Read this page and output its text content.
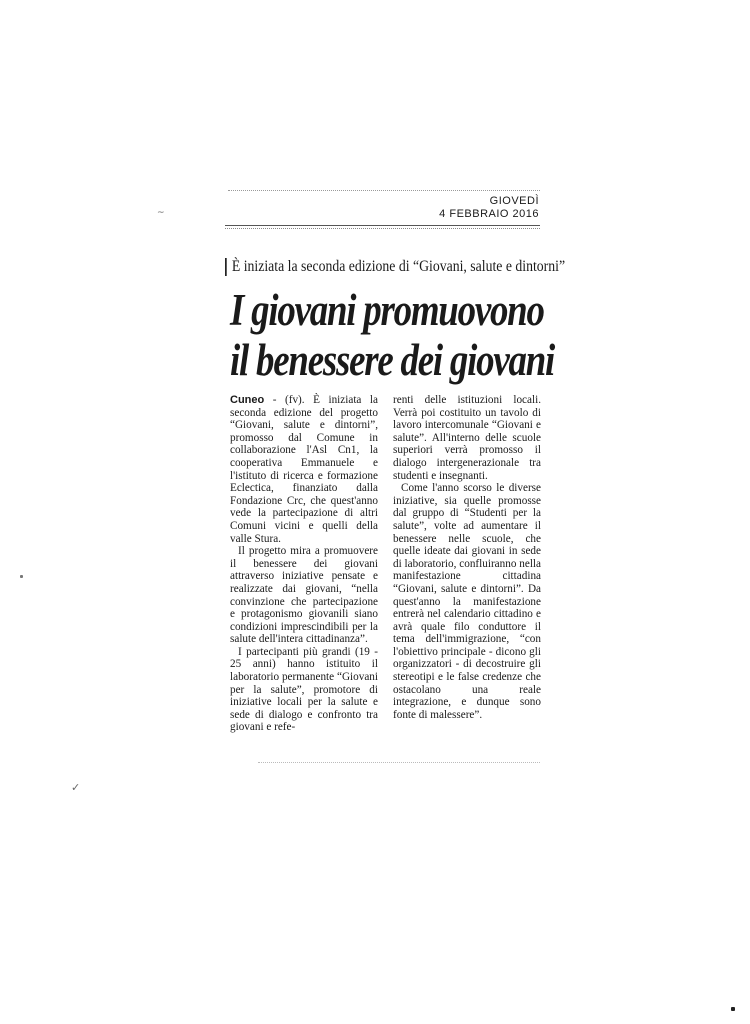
GIOVEDÌ
4 FEBBRAIO 2016
È iniziata la seconda edizione di “Giovani, salute e dintorni”
I giovani promuovono
il benessere dei giovani

Cuneo - (fv). È iniziata la seconda edizione del progetto “Giovani, salute e dintorni”, promosso dal Comune in collaborazione l'Asl Cn1, la cooperativa Emmanuele e l'istituto di ricerca e formazione Eclectica, finanziato dalla Fondazione Crc, che quest'anno vede la partecipazione di altri Comuni vicini e quelli della valle Stura.

Il progetto mira a promuovere il benessere dei giovani attraverso iniziative pensate e realizzate dai giovani, “nella convinzione che partecipazione e protagonismo giovanili siano condizioni imprescindibili per la salute dell'intera cittadinanza”.

I partecipanti più grandi (19 - 25 anni) hanno istituito il laboratorio permanente “Giovani per la salute”, promotore di iniziative locali per la salute e sede di dialogo e confronto tra giovani e refe-

renti delle istituzioni locali. Verrà poi costituito un tavolo di lavoro intercomunale “Giovani e salute”. All'interno delle scuole superiori verrà promosso il dialogo intergenerazionale tra studenti e insegnanti.

Come l'anno scorso le diverse iniziative, sia quelle promosse dal gruppo di “Studenti per la salute”, volte ad aumentare il benessere nelle scuole, che quelle ideate dai giovani in sede di laboratorio, confluiranno nella manifestazione cittadina “Giovani, salute e dintorni”. Da quest'anno la manifestazione entrerà nel calendario cittadino e avrà quale filo conduttore il tema dell'immigrazione, “con l'obiettivo principale - dicono gli organizzatori - di decostruire gli stereotipi e le false credenze che ostacolano una reale integrazione, e dunque sono fonte di malessere”.

~
✓
